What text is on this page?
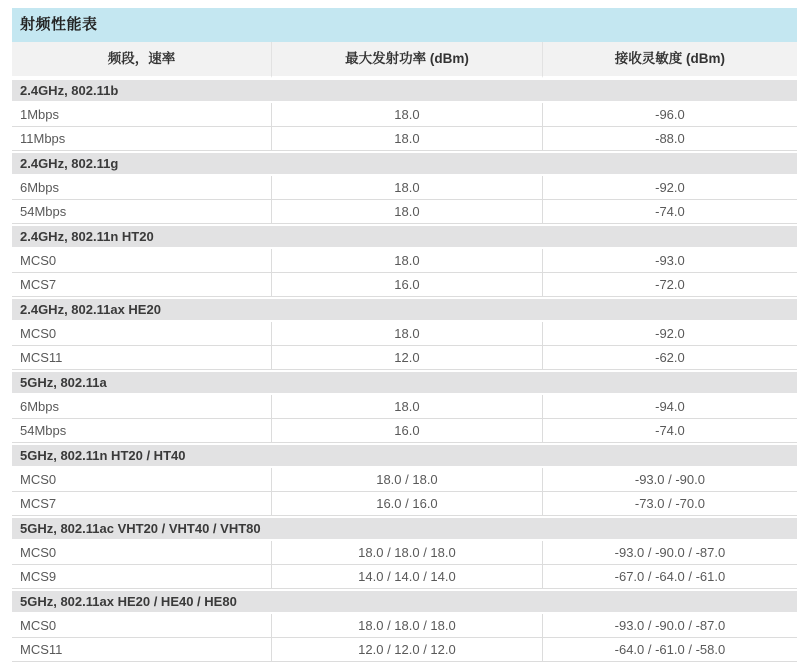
射频性能表
频段，速率	最大发射功率 (dBm)	接收灵敏度 (dBm)
2.4GHz, 802.11b		
1Mbps	18.0	-96.0
11Mbps	18.0	-88.0
2.4GHz, 802.11g		
6Mbps	18.0	-92.0
54Mbps	18.0	-74.0
2.4GHz, 802.11n HT20		
MCS0	18.0	-93.0
MCS7	16.0	-72.0
2.4GHz, 802.11ax HE20		
MCS0	18.0	-92.0
MCS11	12.0	-62.0
5GHz, 802.11a		
6Mbps	18.0	-94.0
54Mbps	16.0	-74.0
5GHz, 802.11n HT20 / HT40		
MCS0	18.0 / 18.0	-93.0 / -90.0
MCS7	16.0 / 16.0	-73.0 / -70.0
5GHz, 802.11ac VHT20 / VHT40 / VHT80		
MCS0	18.0 / 18.0 / 18.0	-93.0 / -90.0 / -87.0
MCS9	14.0 / 14.0 / 14.0	-67.0 / -64.0 / -61.0
5GHz, 802.11ax HE20 / HE40 / HE80		
MCS0	18.0 / 18.0 / 18.0	-93.0 / -90.0 / -87.0
MCS11	12.0 / 12.0 / 12.0	-64.0 / -61.0 / -58.0
